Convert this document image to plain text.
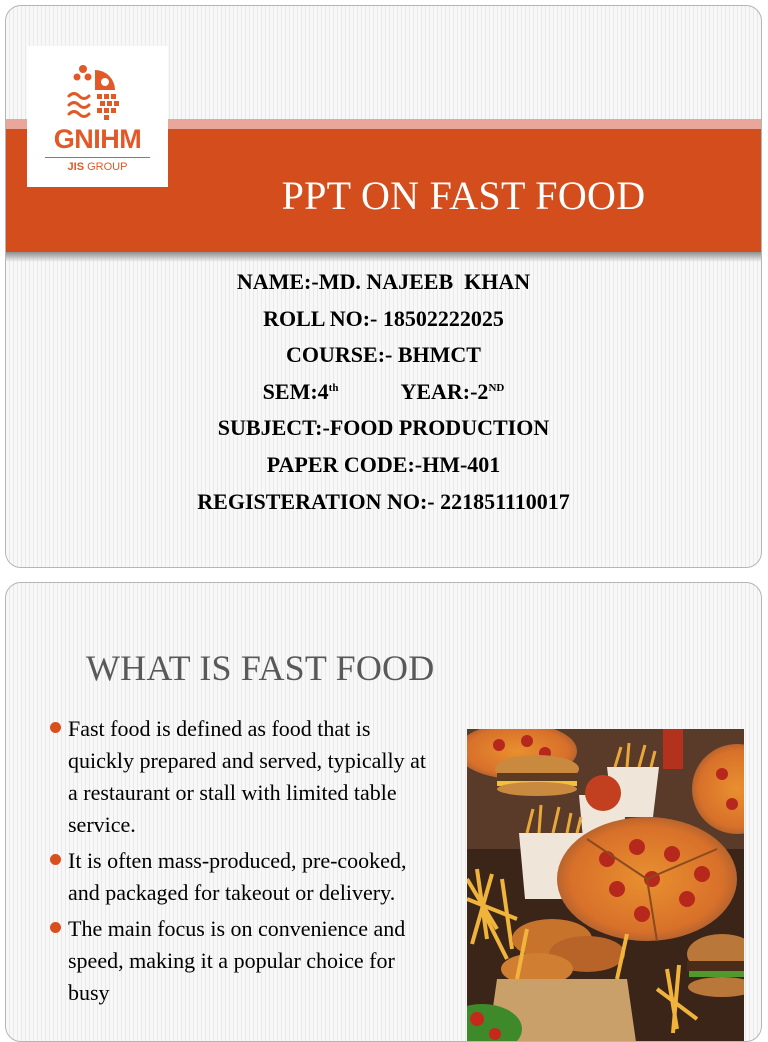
GNIHM
JIS GROUP
PPT ON FAST FOOD
NAME:-MD. NAJEEB  KHAN
ROLL NO:- 18502222025
COURSE:- BHMCT
SEM:4th	YEAR:-2ND
SUBJECT:-FOOD PRODUCTION
PAPER CODE:-HM-401
REGISTERATION NO:- 221851110017
WHAT IS FAST FOOD
Fast food is defined as food that is quickly prepared and served, typically at a restaurant or stall with limited table service.
It is often mass-produced, pre-cooked, and packaged for takeout or delivery.
The main focus is on convenience and speed, making it a popular choice for busy
